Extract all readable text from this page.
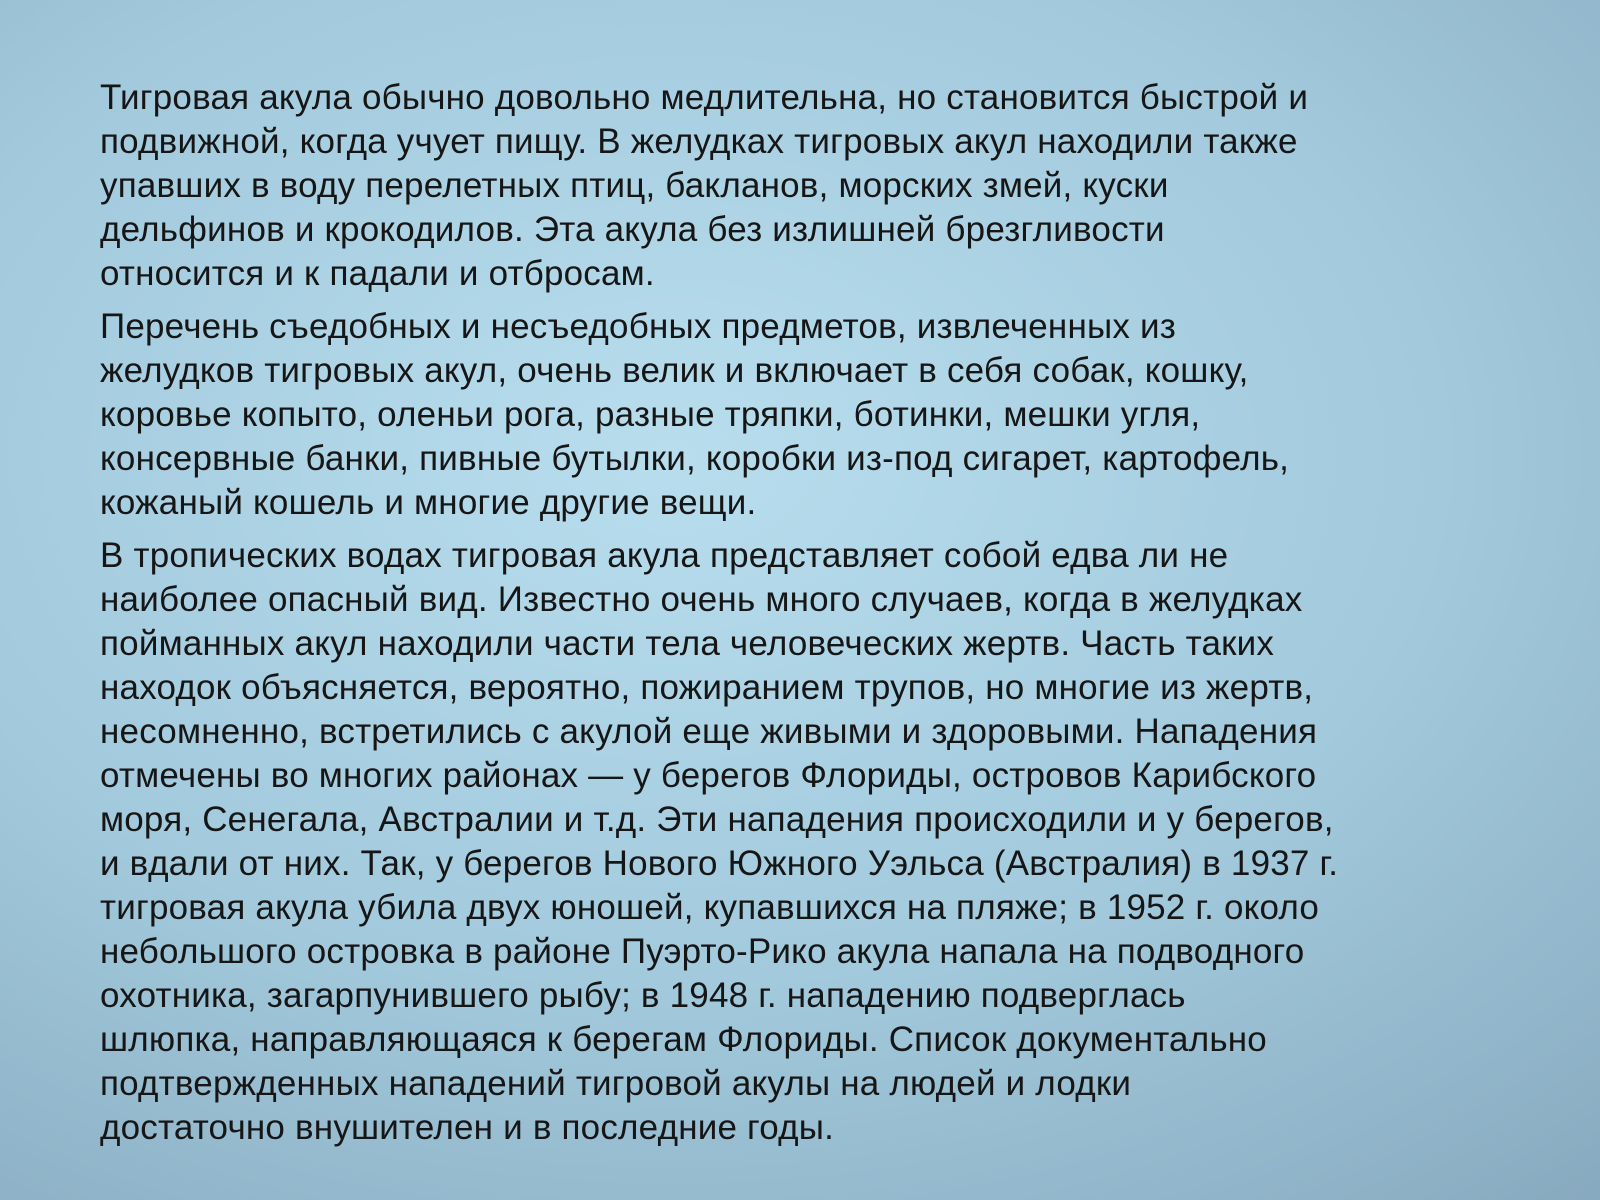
Тигровая акула обычно довольно медлительна, но становится быстрой и
подвижной, когда учует пищу. В желудках тигровых акул находили также
упавших в воду перелетных птиц, бакланов, морских змей, куски
дельфинов и крокодилов. Эта акула без излишней брезгливости
относится и к падали и отбросам.
Перечень съедобных и несъедобных предметов, извлеченных из
желудков тигровых акул, очень велик и включает в себя собак, кошку,
коровье копыто, оленьи рога, разные тряпки, ботинки, мешки угля,
консервные банки, пивные бутылки, коробки из-под сигарет, картофель,
кожаный кошель и многие другие вещи.
В тропических водах тигровая акула представляет собой едва ли не
наиболее опасный вид. Известно очень много случаев, когда в желудках
пойманных акул находили части тела человеческих жертв. Часть таких
находок объясняется, вероятно, пожиранием трупов, но многие из жертв,
несомненно, встретились с акулой еще живыми и здоровыми. Нападения
отмечены во многих районах — у берегов Флориды, островов Карибского
моря, Сенегала, Австралии и т.д. Эти нападения происходили и у берегов,
и вдали от них. Так, у берегов Нового Южного Уэльса (Австралия) в 1937 г.
тигровая акула убила двух юношей, купавшихся на пляже; в 1952 г. около
небольшого островка в районе Пуэрто-Рико акула напала на подводного
охотника, загарпунившего рыбу; в 1948 г. нападению подверглась
шлюпка, направляющаяся к берегам Флориды. Список документально
подтвержденных нападений тигровой акулы на людей и лодки
достаточно внушителен и в последние годы.
